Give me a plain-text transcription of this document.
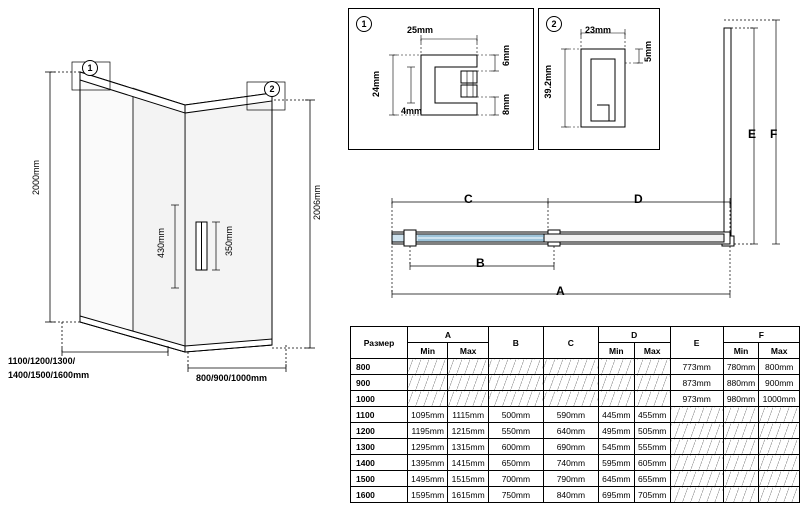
1
2
2000mm
2006mm
430mm	350mm
1100/1200/1300/
1400/1500/1600mm	800/900/1000mm
25mm
24mm
4mm
6mm
8mm
1
23mm
39.2mm
5mm
2
C	D
B
A
E F
Размер	A		B	C	D		E	F	
	Min	Max			Min	Max		Min	Max
800							773mm	780mm	800mm
900							873mm	880mm	900mm
1000							973mm	980mm	1000mm
1100	1095mm	1115mm	500mm	590mm	445mm	455mm			
1200	1195mm	1215mm	550mm	640mm	495mm	505mm			
1300	1295mm	1315mm	600mm	690mm	545mm	555mm			
1400	1395mm	1415mm	650mm	740mm	595mm	605mm			
1500	1495mm	1515mm	700mm	790mm	645mm	655mm			
1600	1595mm	1615mm	750mm	840mm	695mm	705mm			
